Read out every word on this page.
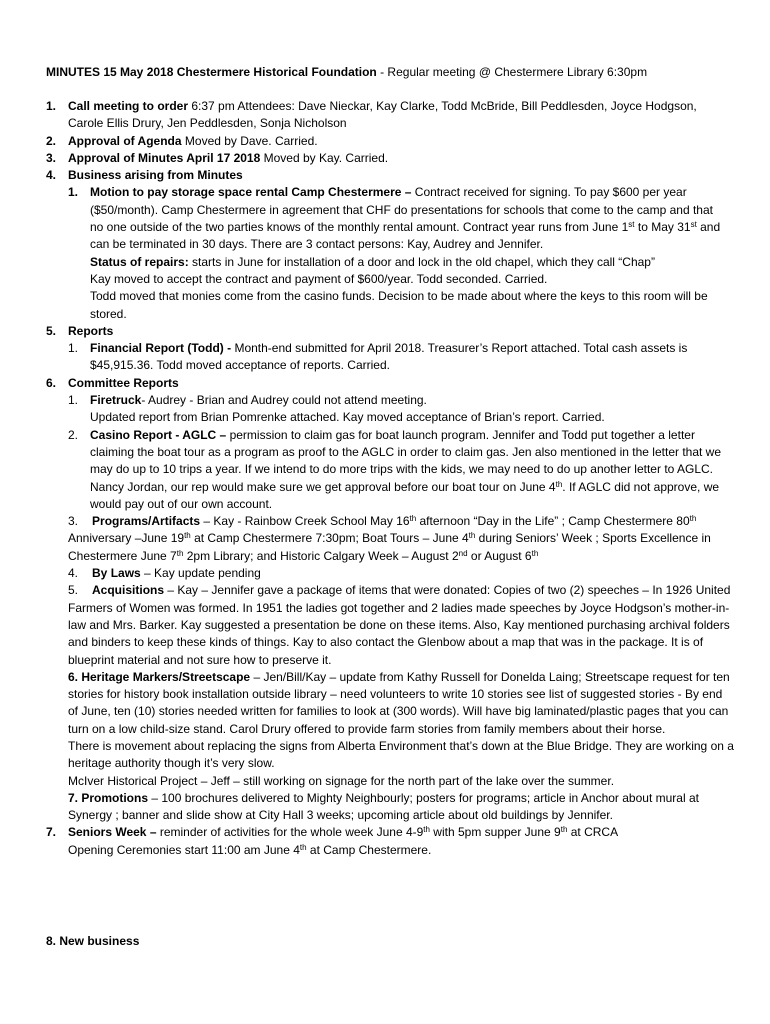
MINUTES 15 May 2018 Chestermere Historical Foundation - Regular meeting @ Chestermere Library 6:30pm

1. Call meeting to order 6:37 pm Attendees: Dave Nieckar, Kay Clarke, Todd McBride, Bill Peddlesden, Joyce Hodgson, Carole Ellis Drury, Jen Peddlesden, Sonja Nicholson
2. Approval of Agenda Moved by Dave. Carried.
3. Approval of Minutes April 17 2018 Moved by Kay. Carried.
4. Business arising from Minutes
1. Motion to pay storage space rental Camp Chestermere – Contract received for signing. To pay $600 per year ($50/month). Camp Chestermere in agreement that CHF do presentations for schools that come to the camp and that no one outside of the two parties knows of the monthly rental amount. Contract year runs from June 1st to May 31st and can be terminated in 30 days. There are 3 contact persons: Kay, Audrey and Jennifer.

Status of repairs: starts in June for installation of a door and lock in the old chapel, which they call “Chap”

Kay moved to accept the contract and payment of $600/year. Todd seconded. Carried.

Todd moved that monies come from the casino funds. Decision to be made about where the keys to this room will be stored.

5. Reports
1. Financial Report (Todd) - Month-end submitted for April 2018. Treasurer’s Report attached. Total cash assets is $45,915.36. Todd moved acceptance of reports. Carried.
6. Committee Reports
1. Firetruck- Audrey - Brian and Audrey could not attend meeting.

Updated report from Brian Pomrenke attached. Kay moved acceptance of Brian’s report. Carried.

2. Casino Report - AGLC – permission to claim gas for boat launch program. Jennifer and Todd put together a letter claiming the boat tour as a program as proof to the AGLC in order to claim gas. Jen also mentioned in the letter that we may do up to 10 trips a year. If we intend to do more trips with the kids, we may need to do up another letter to AGLC. Nancy Jordan, our rep would make sure we get approval before our boat tour on June 4th. If AGLC did not approve, we would pay out of our own account.

3. Programs/Artifacts – Kay - Rainbow Creek School May 16th afternoon “Day in the Life” ; Camp Chestermere 80th Anniversary –June 19th at Camp Chestermere 7:30pm; Boat Tours – June 4th during Seniors’ Week ; Sports Excellence in Chestermere June 7th 2pm Library; and Historic Calgary Week – August 2nd or August 6th

4. By Laws – Kay update pending

5. Acquisitions – Kay – Jennifer gave a package of items that were donated: Copies of two (2) speeches – In 1926 United Farmers of Women was formed. In 1951 the ladies got together and 2 ladies made speeches by Joyce Hodgson’s mother-in-law and Mrs. Barker. Kay suggested a presentation be done on these items. Also, Kay mentioned purchasing archival folders and binders to keep these kinds of things. Kay to also contact the Glenbow about a map that was in the package. It is of blueprint material and not sure how to preserve it.

6. Heritage Markers/Streetscape – Jen/Bill/Kay – update from Kathy Russell for Donelda Laing; Streetscape request for ten stories for history book installation outside library – need volunteers to write 10 stories see list of suggested stories - By end of June, ten (10) stories needed written for families to look at (300 words). Will have big laminated/plastic pages that you can turn on a low child-size stand. Carol Drury offered to provide farm stories from family members about their horse.

There is movement about replacing the signs from Alberta Environment that’s down at the Blue Bridge. They are working on a heritage authority though it’s very slow.

McIver Historical Project – Jeff – still working on signage for the north part of the lake over the summer.

7. Promotions – 100 brochures delivered to Mighty Neighbourly; posters for programs; article in Anchor about mural at Synergy ; banner and slide show at City Hall 3 weeks; upcoming article about old buildings by Jennifer.

7. Seniors Week – reminder of activities for the whole week June 4-9th with 5pm supper June 9th at CRCA

Opening Ceremonies start 11:00 am June 4th at Camp Chestermere.

8. New business
